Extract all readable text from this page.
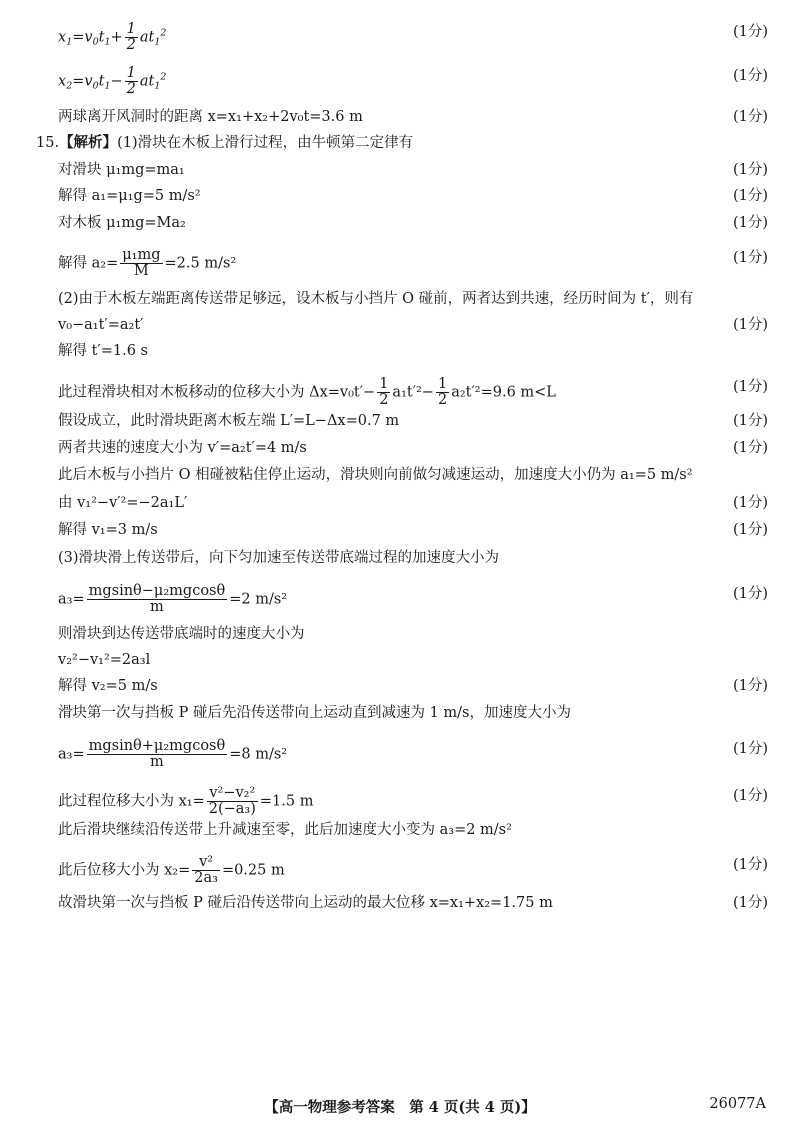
$x_1=v_0t_1+ \frac{1}{2} at_1^2$	(1分)
$x_2=v_0t_1- \frac{1}{2} at_1^2$	(1分)
两球离开风洞时的距离 x=x₁+x₂+2v₀t=3.6 m	(1分)
15.【解析】(1)滑块在木板上滑行过程，由牛顿第二定律有
对滑块 μ₁mg=ma₁	(1分)
解得 a₁=μ₁g=5 m/s²	(1分)
对木板 μ₁mg=Ma₂	(1分)
解得 $a_2= \frac{\text{μ₁mg}}{M} =2.5$ m/s²	(1分)
(2)由于木板左端距离传送带足够远，设木板与小挡片 O 碰前，两者达到共速，经历时间为 t′，则有
v₀−a₁t′=a₂t′	(1分)
解得 t′=1.6 s
此过程滑块相对木板移动的位移大小为 $\Delta x=v_0t'- \frac{1}{2} a_1t'^2- \frac{1}{2} a_2t'^2=9.6$ m<L	(1分)
假设成立，此时滑块距离木板左端 L′=L−Δx=0.7 m	(1分)
两者共速的速度大小为 v′=a₂t′=4 m/s	(1分)
此后木板与小挡片 O 相碰被粘住停止运动，滑块则向前做匀减速运动，加速度大小仍为 a₁=5 m/s²
由 v₁²−v′²=−2a₁L′	(1分)
解得 v₁=3 m/s	(1分)
(3)滑块滑上传送带后，向下匀加速至传送带底端过程的加速度大小为
$a_3= \frac{\text{mgsinθ−μ₂mgcosθ}}{m} =2$ m/s²	(1分)
则滑块到达传送带底端时的速度大小为
v₂²−v₁²=2a₃l
解得 v₂=5 m/s	(1分)
滑块第一次与挡板 P 碰后先沿传送带向上运动直到减速为 1 m/s，加速度大小为
$a_3= \frac{\text{mgsinθ+μ₂mgcosθ}}{m} =8$ m/s²	(1分)
此过程位移大小为 $x_1= \frac{\text{v²−v₂²}}{\text{2(−a₃)}} =1.5$ m	(1分)
此后滑块继续沿传送带上升减速至零，此后加速度大小变为 a₃=2 m/s²
此后位移大小为 $x_2= \frac{\text{v²}}{\text{2a₃}} =0.25$ m	(1分)
故滑块第一次与挡板 P 碰后沿传送带向上运动的最大位移 x=x₁+x₂=1.75 m	(1分)
【高一物理参考答案　第 4 页(共 4 页)】	26077A
